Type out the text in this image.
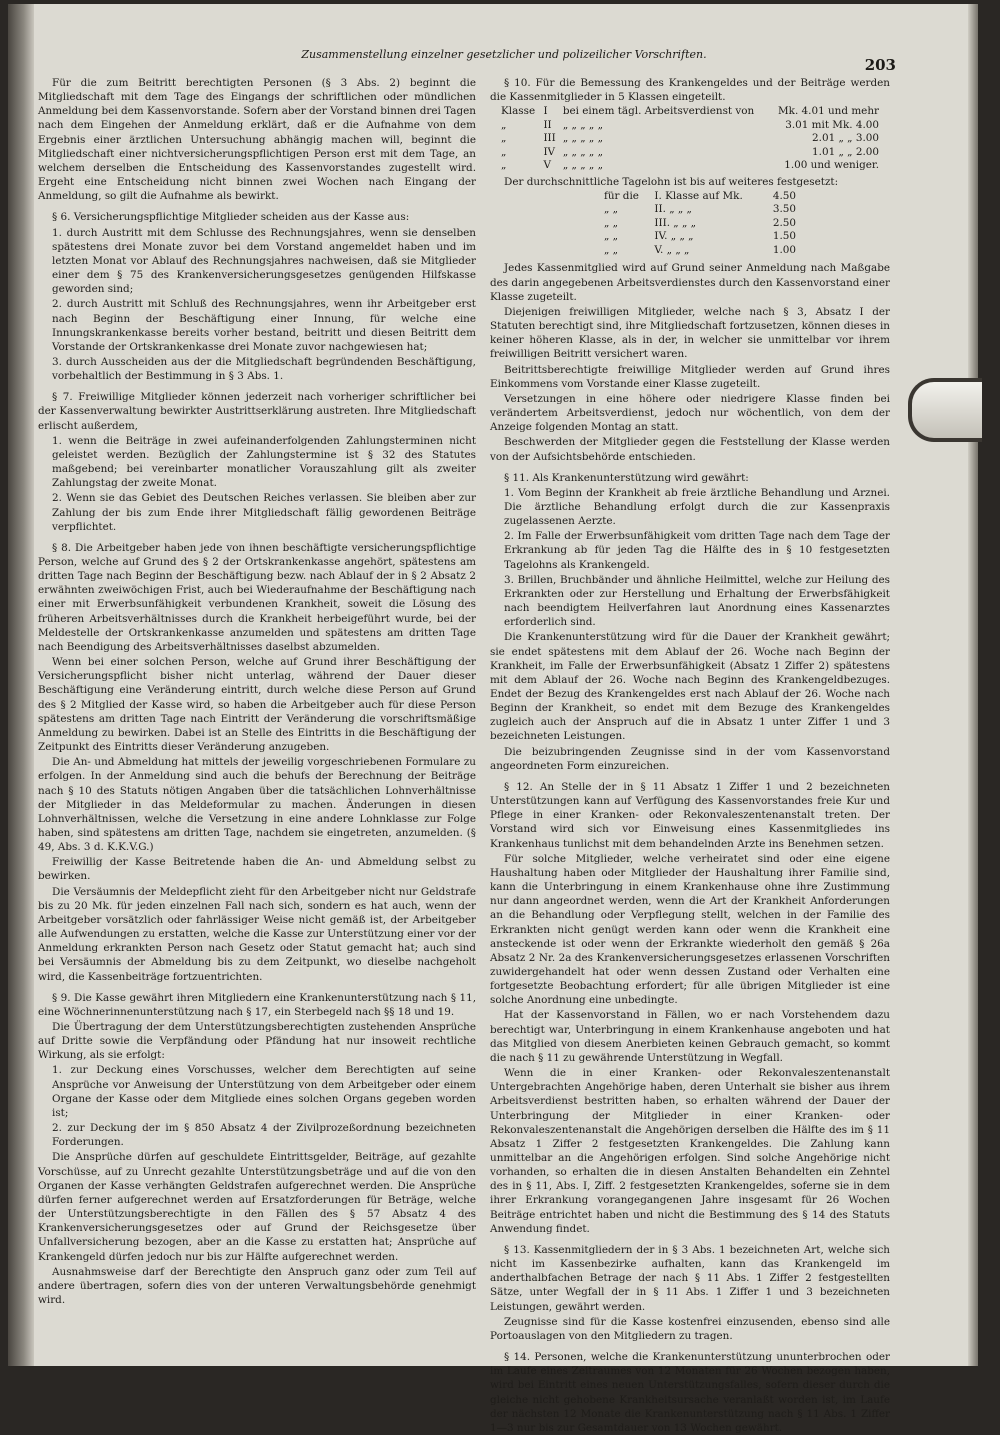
Zusammenstellung einzelner gesetzlicher und polizeilicher Vorschriften.
203

Für die zum Beitritt berechtigten Personen (§ 3 Abs. 2) beginnt die Mitgliedschaft mit dem Tage des Eingangs der schriftlichen oder mündlichen Anmeldung bei dem Kassenvorstande. Sofern aber der Vorstand binnen drei Tagen nach dem Eingehen der Anmeldung erklärt, daß er die Aufnahme von dem Ergebnis einer ärztlichen Untersuchung abhängig machen will, beginnt die Mitgliedschaft einer nichtversicherungspflichtigen Person erst mit dem Tage, an welchem derselben die Entscheidung des Kassenvorstandes zugestellt wird. Ergeht eine Entscheidung nicht binnen zwei Wochen nach Eingang der Anmeldung, so gilt die Aufnahme als bewirkt.

§ 6. Versicherungspflichtige Mitglieder scheiden aus der Kasse aus:

1. durch Austritt mit dem Schlusse des Rechnungsjahres, wenn sie denselben spätestens drei Monate zuvor bei dem Vorstand angemeldet haben und im letzten Monat vor Ablauf des Rechnungsjahres nachweisen, daß sie Mitglieder einer dem § 75 des Krankenversicherungsgesetzes genügenden Hilfskasse geworden sind;

2. durch Austritt mit Schluß des Rechnungsjahres, wenn ihr Arbeitgeber erst nach Beginn der Beschäftigung einer Innung, für welche eine Innungskrankenkasse bereits vorher bestand, beitritt und diesen Beitritt dem Vorstande der Ortskrankenkasse drei Monate zuvor nachgewiesen hat;

3. durch Ausscheiden aus der die Mitgliedschaft begründenden Beschäftigung, vorbehaltlich der Bestimmung in § 3 Abs. 1.

§ 7. Freiwillige Mitglieder können jederzeit nach vorheriger schriftlicher bei der Kassenverwaltung bewirkter Austrittserklärung austreten. Ihre Mitgliedschaft erlischt außerdem,

1. wenn die Beiträge in zwei aufeinanderfolgenden Zahlungsterminen nicht geleistet werden. Bezüglich der Zahlungstermine ist § 32 des Statutes maßgebend; bei vereinbarter monatlicher Vorauszahlung gilt als zweiter Zahlungstag der zweite Monat.

2. Wenn sie das Gebiet des Deutschen Reiches verlassen. Sie bleiben aber zur Zahlung der bis zum Ende ihrer Mitgliedschaft fällig gewordenen Beiträge verpflichtet.

§ 8. Die Arbeitgeber haben jede von ihnen beschäftigte versicherungspflichtige Person, welche auf Grund des § 2 der Ortskrankenkasse angehört, spätestens am dritten Tage nach Beginn der Beschäftigung bezw. nach Ablauf der in § 2 Absatz 2 erwähnten zweiwöchigen Frist, auch bei Wiederaufnahme der Beschäftigung nach einer mit Erwerbsunfähigkeit verbundenen Krankheit, soweit die Lösung des früheren Arbeitsverhältnisses durch die Krankheit herbeigeführt wurde, bei der Meldestelle der Ortskrankenkasse anzumelden und spätestens am dritten Tage nach Beendigung des Arbeitsverhältnisses daselbst abzumelden.

Wenn bei einer solchen Person, welche auf Grund ihrer Beschäftigung der Versicherungspflicht bisher nicht unterlag, während der Dauer dieser Beschäftigung eine Veränderung eintritt, durch welche diese Person auf Grund des § 2 Mitglied der Kasse wird, so haben die Arbeitgeber auch für diese Person spätestens am dritten Tage nach Eintritt der Veränderung die vorschriftsmäßige Anmeldung zu bewirken. Dabei ist an Stelle des Eintritts in die Beschäftigung der Zeitpunkt des Eintritts dieser Veränderung anzugeben.

Die An- und Abmeldung hat mittels der jeweilig vorgeschriebenen Formulare zu erfolgen. In der Anmeldung sind auch die behufs der Berechnung der Beiträge nach § 10 des Statuts nötigen Angaben über die tatsächlichen Lohnverhältnisse der Mitglieder in das Meldeformular zu machen. Änderungen in diesen Lohnverhältnissen, welche die Versetzung in eine andere Lohnklasse zur Folge haben, sind spätestens am dritten Tage, nachdem sie eingetreten, anzumelden. (§ 49, Abs. 3 d. K.K.V.G.)

Freiwillig der Kasse Beitretende haben die An- und Abmeldung selbst zu bewirken.

Die Versäumnis der Meldepflicht zieht für den Arbeitgeber nicht nur Geldstrafe bis zu 20 Mk. für jeden einzelnen Fall nach sich, sondern es hat auch, wenn der Arbeitgeber vorsätzlich oder fahrlässiger Weise nicht gemäß ist, der Arbeitgeber alle Aufwendungen zu erstatten, welche die Kasse zur Unterstützung einer vor der Anmeldung erkrankten Person nach Gesetz oder Statut gemacht hat; auch sind bei Versäumnis der Abmeldung bis zu dem Zeitpunkt, wo dieselbe nachgeholt wird, die Kassenbeiträge fortzuentrichten.

§ 9. Die Kasse gewährt ihren Mitgliedern eine Krankenunterstützung nach § 11, eine Wöchnerinnenunterstützung nach § 17, ein Sterbegeld nach §§ 18 und 19.

Die Übertragung der dem Unterstützungsberechtigten zustehenden Ansprüche auf Dritte sowie die Verpfändung oder Pfändung hat nur insoweit rechtliche Wirkung, als sie erfolgt:

1. zur Deckung eines Vorschusses, welcher dem Berechtigten auf seine Ansprüche vor Anweisung der Unterstützung von dem Arbeitgeber oder einem Organe der Kasse oder dem Mitgliede eines solchen Organs gegeben worden ist;

2. zur Deckung der im § 850 Absatz 4 der Zivilprozeßordnung bezeichneten Forderungen.

Die Ansprüche dürfen auf geschuldete Eintrittsgelder, Beiträge, auf gezahlte Vorschüsse, auf zu Unrecht gezahlte Unterstützungsbeträge und auf die von den Organen der Kasse verhängten Geldstrafen aufgerechnet werden. Die Ansprüche dürfen ferner aufgerechnet werden auf Ersatzforderungen für Beträge, welche der Unterstützungsberechtigte in den Fällen des § 57 Absatz 4 des Krankenversicherungsgesetzes oder auf Grund der Reichsgesetze über Unfallversicherung bezogen, aber an die Kasse zu erstatten hat; Ansprüche auf Krankengeld dürfen jedoch nur bis zur Hälfte aufgerechnet werden.

Ausnahmsweise darf der Berechtigte den Anspruch ganz oder zum Teil auf andere übertragen, sofern dies von der unteren Verwaltungsbehörde genehmigt wird.

§ 10. Für die Bemessung des Krankengeldes und der Beiträge werden die Kassenmitglieder in 5 Klassen eingeteilt.

Klasse	I	bei einem tägl. Arbeitsverdienst von	Mk. 4.01 und mehr
„	II	„ „ „ „ „	3.01 mit Mk. 4.00
„	III	„ „ „ „ „	2.01 „ „ 3.00
„	IV	„ „ „ „ „	1.01 „ „ 2.00
„	V	„ „ „ „ „	1.00 und weniger.

Der durchschnittliche Tagelohn ist bis auf weiteres festgesetzt:

für die	I. Klasse auf Mk.	4.50
„ „	II. „ „ „	3.50
„ „	III. „ „ „	2.50
„ „	IV. „ „ „	1.50
„ „	V. „ „ „	1.00

Jedes Kassenmitglied wird auf Grund seiner Anmeldung nach Maßgabe des darin angegebenen Arbeitsverdienstes durch den Kassenvorstand einer Klasse zugeteilt.

Diejenigen freiwilligen Mitglieder, welche nach § 3, Absatz I der Statuten berechtigt sind, ihre Mitgliedschaft fortzusetzen, können dieses in keiner höheren Klasse, als in der, in welcher sie unmittelbar vor ihrem freiwilligen Beitritt versichert waren.

Beitrittsberechtigte freiwillige Mitglieder werden auf Grund ihres Einkommens vom Vorstande einer Klasse zugeteilt.

Versetzungen in eine höhere oder niedrigere Klasse finden bei verändertem Arbeitsverdienst, jedoch nur wöchentlich, von dem der Anzeige folgenden Montag an statt.

Beschwerden der Mitglieder gegen die Feststellung der Klasse werden von der Aufsichtsbehörde entschieden.

§ 11. Als Krankenunterstützung wird gewährt:

1. Vom Beginn der Krankheit ab freie ärztliche Behandlung und Arznei. Die ärztliche Behandlung erfolgt durch die zur Kassenpraxis zugelassenen Aerzte.

2. Im Falle der Erwerbsunfähigkeit vom dritten Tage nach dem Tage der Erkrankung ab für jeden Tag die Hälfte des in § 10 festgesetzten Tagelohns als Krankengeld.

3. Brillen, Bruchbänder und ähnliche Heilmittel, welche zur Heilung des Erkrankten oder zur Herstellung und Erhaltung der Erwerbsfähigkeit nach beendigtem Heilverfahren laut Anordnung eines Kassenarztes erforderlich sind.

Die Krankenunterstützung wird für die Dauer der Krankheit gewährt; sie endet spätestens mit dem Ablauf der 26. Woche nach Beginn der Krankheit, im Falle der Erwerbsunfähigkeit (Absatz 1 Ziffer 2) spätestens mit dem Ablauf der 26. Woche nach Beginn des Krankengeldbezuges. Endet der Bezug des Krankengeldes erst nach Ablauf der 26. Woche nach Beginn der Krankheit, so endet mit dem Bezuge des Krankengeldes zugleich auch der Anspruch auf die in Absatz 1 unter Ziffer 1 und 3 bezeichneten Leistungen.

Die beizubringenden Zeugnisse sind in der vom Kassenvorstand angeordneten Form einzureichen.

§ 12. An Stelle der in § 11 Absatz 1 Ziffer 1 und 2 bezeichneten Unterstützungen kann auf Verfügung des Kassenvorstandes freie Kur und Pflege in einer Kranken- oder Rekonvaleszentenanstalt treten. Der Vorstand wird sich vor Einweisung eines Kassenmitgliedes ins Krankenhaus tunlichst mit dem behandelnden Arzte ins Benehmen setzen.

Für solche Mitglieder, welche verheiratet sind oder eine eigene Haushaltung haben oder Mitglieder der Haushaltung ihrer Familie sind, kann die Unterbringung in einem Krankenhause ohne ihre Zustimmung nur dann angeordnet werden, wenn die Art der Krankheit Anforderungen an die Behandlung oder Verpflegung stellt, welchen in der Familie des Erkrankten nicht genügt werden kann oder wenn die Krankheit eine ansteckende ist oder wenn der Erkrankte wiederholt den gemäß § 26a Absatz 2 Nr. 2a des Krankenversicherungsgesetzes erlassenen Vorschriften zuwidergehandelt hat oder wenn dessen Zustand oder Verhalten eine fortgesetzte Beobachtung erfordert; für alle übrigen Mitglieder ist eine solche Anordnung eine unbedingte.

Hat der Kassenvorstand in Fällen, wo er nach Vorstehendem dazu berechtigt war, Unterbringung in einem Krankenhause angeboten und hat das Mitglied von diesem Anerbieten keinen Gebrauch gemacht, so kommt die nach § 11 zu gewährende Unterstützung in Wegfall.

Wenn die in einer Kranken- oder Rekonvaleszentenanstalt Untergebrachten Angehörige haben, deren Unterhalt sie bisher aus ihrem Arbeitsverdienst bestritten haben, so erhalten während der Dauer der Unterbringung der Mitglieder in einer Kranken- oder Rekonvaleszentenanstalt die Angehörigen derselben die Hälfte des im § 11 Absatz 1 Ziffer 2 festgesetzten Krankengeldes. Die Zahlung kann unmittelbar an die Angehörigen erfolgen. Sind solche Angehörige nicht vorhanden, so erhalten die in diesen Anstalten Behandelten ein Zehntel des in § 11, Abs. I, Ziff. 2 festgesetzten Krankengeldes, soferne sie in dem ihrer Erkrankung vorangegangenen Jahre insgesamt für 26 Wochen Beiträge entrichtet haben und nicht die Bestimmung des § 14 des Statuts Anwendung findet.

§ 13. Kassenmitgliedern der in § 3 Abs. 1 bezeichneten Art, welche sich nicht im Kassenbezirke aufhalten, kann das Krankengeld im anderthalbfachen Betrage der nach § 11 Abs. 1 Ziffer 2 festgestellten Sätze, unter Wegfall der in § 11 Abs. 1 Ziffer 1 und 3 bezeichneten Leistungen, gewährt werden.

Zeugnisse sind für die Kasse kostenfrei einzusenden, ebenso sind alle Portoauslagen von den Mitgliedern zu tragen.

§ 14. Personen, welche die Krankenunterstützung ununterbrochen oder im Laufe eines Zeitraumes von 12 Monaten für 26 Wochen bezogen haben, wird bei Eintritt eines neuen Unterstützungsfalles, sofern dieser durch die gleiche nicht gehobene Krankheitsursache veranlaßt worden ist, im Laufe der nächsten 12 Monate die Krankenunterstützung nach § 11 Abs. 1 Ziffer 1—3 nur bis zur Gesamtdauer von 13 Wochen gewährt.
